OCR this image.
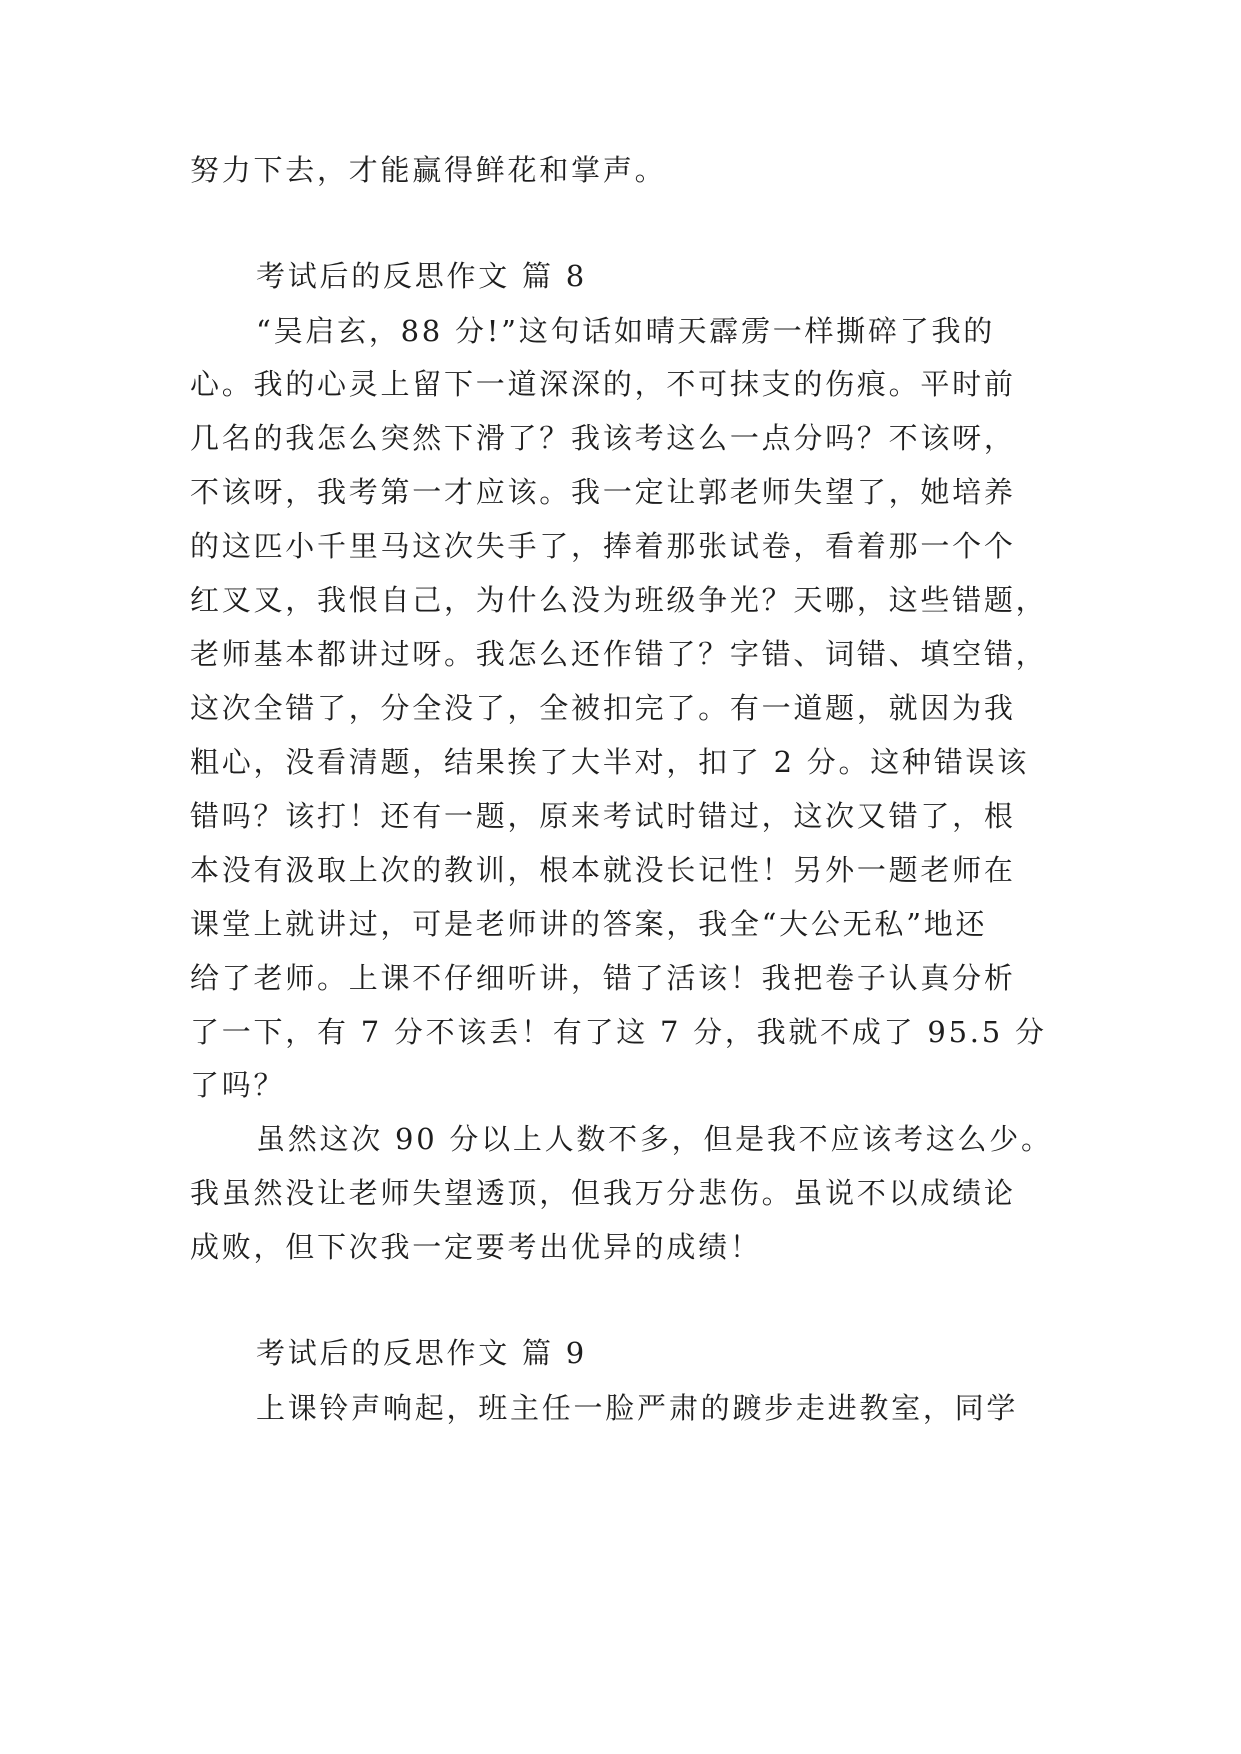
努力下去，才能赢得鲜花和掌声。

考试后的反思作文 篇 8

“吴启玄，88 分!”这句话如晴天霹雳一样撕碎了我的

心。我的心灵上留下一道深深的，不可抹支的伤痕。平时前

几名的我怎么突然下滑了？我该考这么一点分吗？不该呀，

不该呀，我考第一才应该。我一定让郭老师失望了，她培养

的这匹小千里马这次失手了，捧着那张试卷，看着那一个个

红叉叉，我恨自己，为什么没为班级争光？天哪，这些错题，

老师基本都讲过呀。我怎么还作错了？字错、词错、填空错，

这次全错了，分全没了，全被扣完了。有一道题，就因为我

粗心，没看清题，结果挨了大半对，扣了 2 分。这种错误该

错吗？该打！还有一题，原来考试时错过，这次又错了，根

本没有汲取上次的教训，根本就没长记性！另外一题老师在

课堂上就讲过，可是老师讲的答案，我全“大公无私”地还

给了老师。上课不仔细听讲，错了活该！我把卷子认真分析

了一下，有 7 分不该丢！有了这 7 分，我就不成了 95.5 分

了吗？

虽然这次 90 分以上人数不多，但是我不应该考这么少。

我虽然没让老师失望透顶，但我万分悲伤。虽说不以成绩论

成败，但下次我一定要考出优异的成绩！

考试后的反思作文 篇 9

上课铃声响起，班主任一脸严肃的踱步走进教室，同学
